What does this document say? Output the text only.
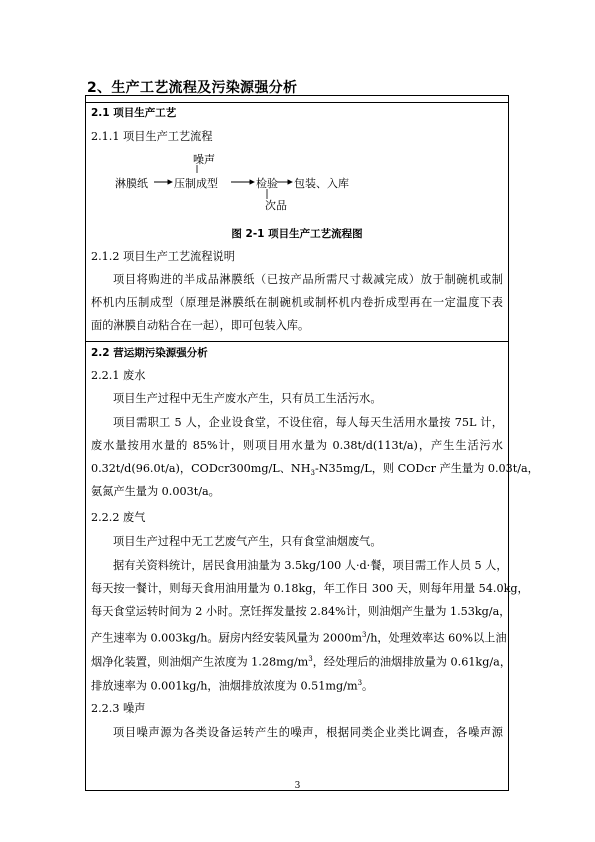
2、生产工艺流程及污染源强分析
2.1 项目生产工艺
2.1.1 项目生产工艺流程
噪声
淋膜纸 压制成型	检验 包装、入库
次品
图 2-1 项目生产工艺流程图
2.1.2 项目生产工艺流程说明
项目将购进的半成品淋膜纸（已按产品所需尺寸裁减完成）放于制碗机或制
杯机内压制成型（原理是淋膜纸在制碗机或制杯机内卷折成型再在一定温度下表
面的淋膜自动粘合在一起），即可包装入库。
2.2 营运期污染源强分析
2.2.1 废水
项目生产过程中无生产废水产生，只有员工生活污水。
项目需职工 5 人，企业设食堂，不设住宿，每人每天生活用水量按 75L 计，
废水量按用水量的 85%计，则项目用水量为 0.38t/d(113t/a)，产生生活污水
0.32t/d(96.0t/a)，CODcr300mg/L、$NH_3-N35mg/L$，则 CODcr 产生量为 0.03t/a，
氨氮产生量为 0.003t/a。
2.2.2 废气
项目生产过程中无工艺废气产生，只有食堂油烟废气。
据有关资料统计，居民食用油量为 3.5kg/100 人·d·餐，项目需工作人员 5 人，
每天按一餐计，则每天食用油用量为 0.18kg，年工作日 300 天，则每年用量 54.0kg，
每天食堂运转时间为 2 小时。烹饪挥发量按 2.84%计，则油烟产生量为 1.53kg/a，
产生速率为 0.003kg/h。厨房内经安装风量为 $2000m^3/h$，处理效率达 60%以上油
烟净化装置，则油烟产生浓度为 $1.28mg/m^3$，经处理后的油烟排放量为 0.61kg/a，
排放速率为 0.001kg/h，油烟排放浓度为 $0.51mg/m^3$。
2.2.3 噪声
项目噪声源为各类设备运转产生的噪声，根据同类企业类比调查，各噪声源
3
